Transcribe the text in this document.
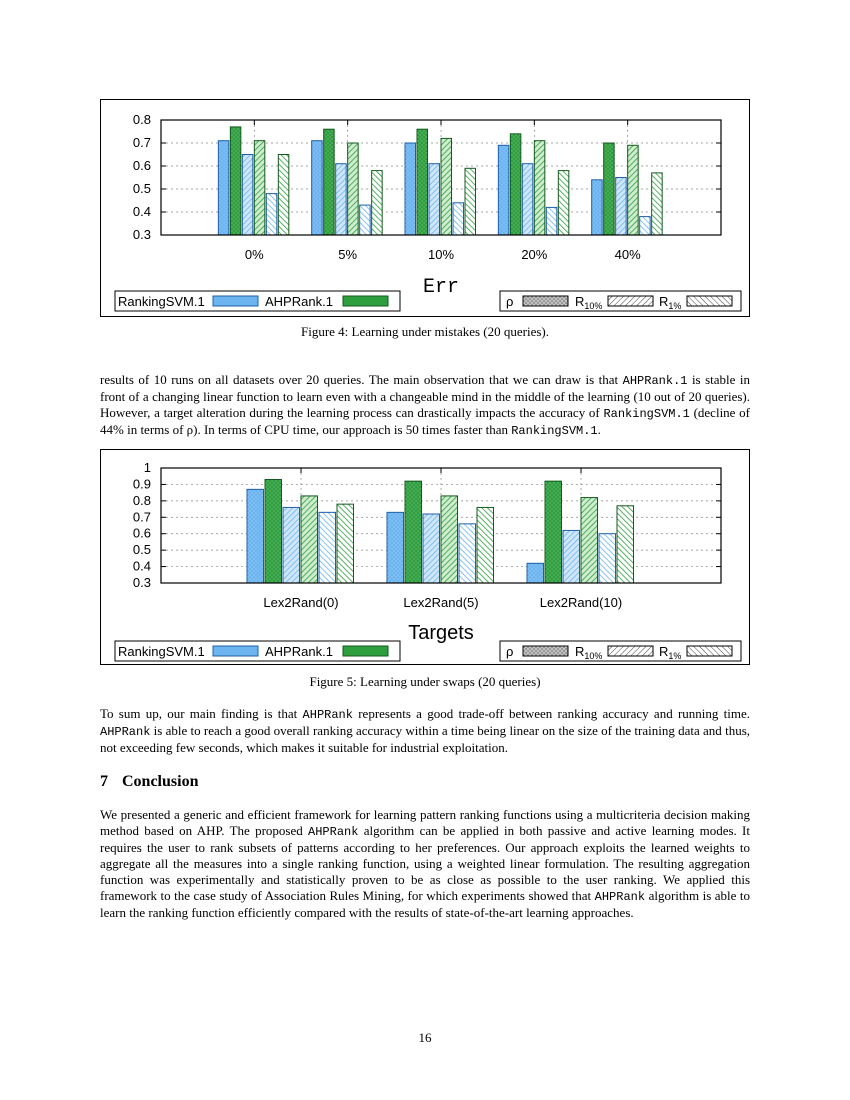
0.3
0.4
0.5
0.6
0.7
0.8
0%	5%	10%	20%	40%
Err
RankingSVM.1	AHPRank.1	ρ	$R_{10\%}$	$R_{1\%}$
Figure 4: Learning under mistakes (20 queries).

results of 10 runs on all datasets over 20 queries. The main observation that we can draw is that AHPRank.1 is stable in front of a changing linear function to learn even with a changeable mind in the middle of the learning (10 out of 20 queries). However, a target alteration during the learning process can drastically impacts the accuracy of RankingSVM.1 (decline of 44% in terms of ρ). In terms of CPU time, our approach is 50 times faster than RankingSVM.1.

0.3
0.4
0.5
0.6
0.7
0.8
0.9
1
Lex2Rand(0)	Lex2Rand(5)	Lex2Rand(10)
Targets
RankingSVM.1	AHPRank.1	ρ	$R_{10\%}$	$R_{1\%}$
Figure 5: Learning under swaps (20 queries)

To sum up, our main finding is that AHPRank represents a good trade-off between ranking accuracy and running time. AHPRank is able to reach a good overall ranking accuracy within a time being linear on the size of the training data and thus, not exceeding few seconds, which makes it suitable for industrial exploitation.

7 Conclusion

We presented a generic and efficient framework for learning pattern ranking functions using a multicriteria decision making method based on AHP. The proposed AHPRank algorithm can be applied in both passive and active learning modes. It requires the user to rank subsets of patterns according to her preferences. Our approach exploits the learned weights to aggregate all the measures into a single ranking function, using a weighted linear formulation. The resulting aggregation function was experimentally and statistically proven to be as close as possible to the user ranking. We applied this framework to the case study of Association Rules Mining, for which experiments showed that AHPRank algorithm is able to learn the ranking function efficiently compared with the results of state-of-the-art learning approaches.

16
